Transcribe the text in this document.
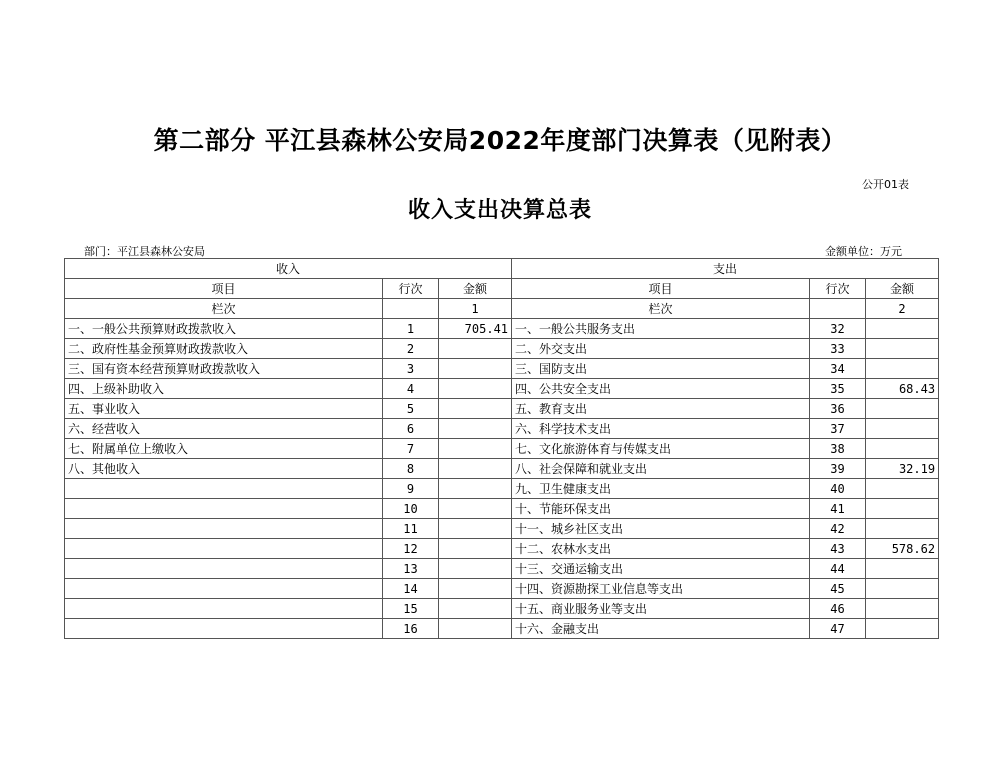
第二部分 平江县森林公安局2022年度部门决算表（见附表）
公开01表
收入支出决算总表
部门：平江县森林公安局	金额单位：万元
收入			支出		
项目	行次	金额	项目	行次	金额
栏次		1	栏次		2
一、一般公共预算财政拨款收入	1	705.41	一、一般公共服务支出	32	
二、政府性基金预算财政拨款收入	2		二、外交支出	33	
三、国有资本经营预算财政拨款收入	3		三、国防支出	34	
四、上级补助收入	4		四、公共安全支出	35	68.43
五、事业收入	5		五、教育支出	36	
六、经营收入	6		六、科学技术支出	37	
七、附属单位上缴收入	7		七、文化旅游体育与传媒支出	38	
八、其他收入	8		八、社会保障和就业支出	39	32.19
	9		九、卫生健康支出	40	
	10		十、节能环保支出	41	
	11		十一、城乡社区支出	42	
	12		十二、农林水支出	43	578.62
	13		十三、交通运输支出	44	
	14		十四、资源勘探工业信息等支出	45	
	15		十五、商业服务业等支出	46	
	16		十六、金融支出	47	
